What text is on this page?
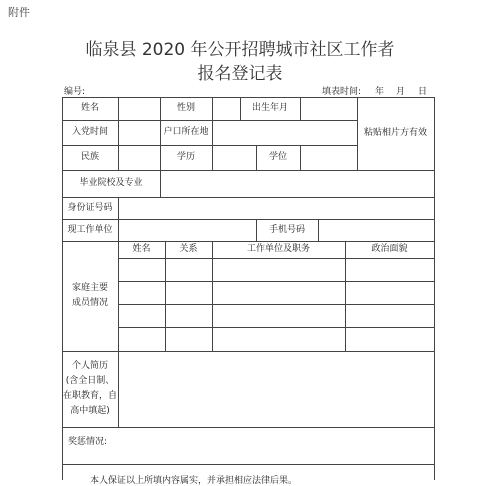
附件
临泉县 2020 年公开招聘城市社区工作者
报名登记表
编号:	填表时间: 年 月 日
姓名	性别	出生年月
粘贴相片方有效
入党时间	户口所在地
民族	学历	学位
毕业院校及专业
身份证号码
现工作单位	手机号码
家庭主要
成员情况
姓名	关系	工作单位及职务	政治面貌
个人简历
(含全日制、
在职教育，自
高中填起)
奖惩情况:
本人保证以上所填内容属实，并承担相应法律后果。
